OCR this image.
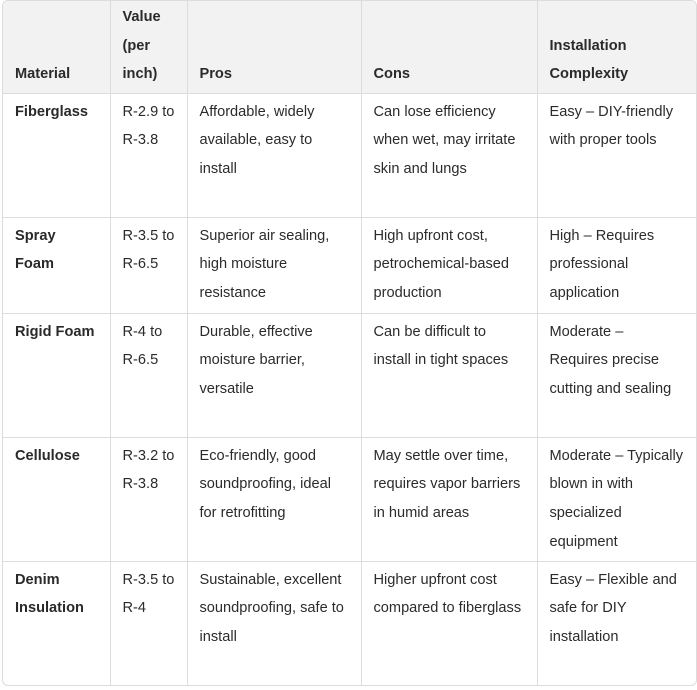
Material	Value (per inch)	Pros	Cons	Installation Complexity
Fiberglass	R-2.9 to R-3.8	Affordable, widely available, easy to install	Can lose efficiency when wet, may irritate skin and lungs	Easy – DIY-friendly with proper tools
Spray Foam	R-3.5 to R-6.5	Superior air sealing, high moisture resistance	High upfront cost, petrochemical-based production	High – Requires professional application
Rigid Foam	R-4 to R-6.5	Durable, effective moisture barrier, versatile	Can be difficult to install in tight spaces	Moderate – Requires precise cutting and sealing
Cellulose	R-3.2 to R-3.8	Eco-friendly, good soundproofing, ideal for retrofitting	May settle over time, requires vapor barriers in humid areas	Moderate – Typically blown in with specialized equipment
Denim Insulation	R-3.5 to R-4	Sustainable, excellent soundproofing, safe to install	Higher upfront cost compared to fiberglass	Easy – Flexible and safe for DIY installation
